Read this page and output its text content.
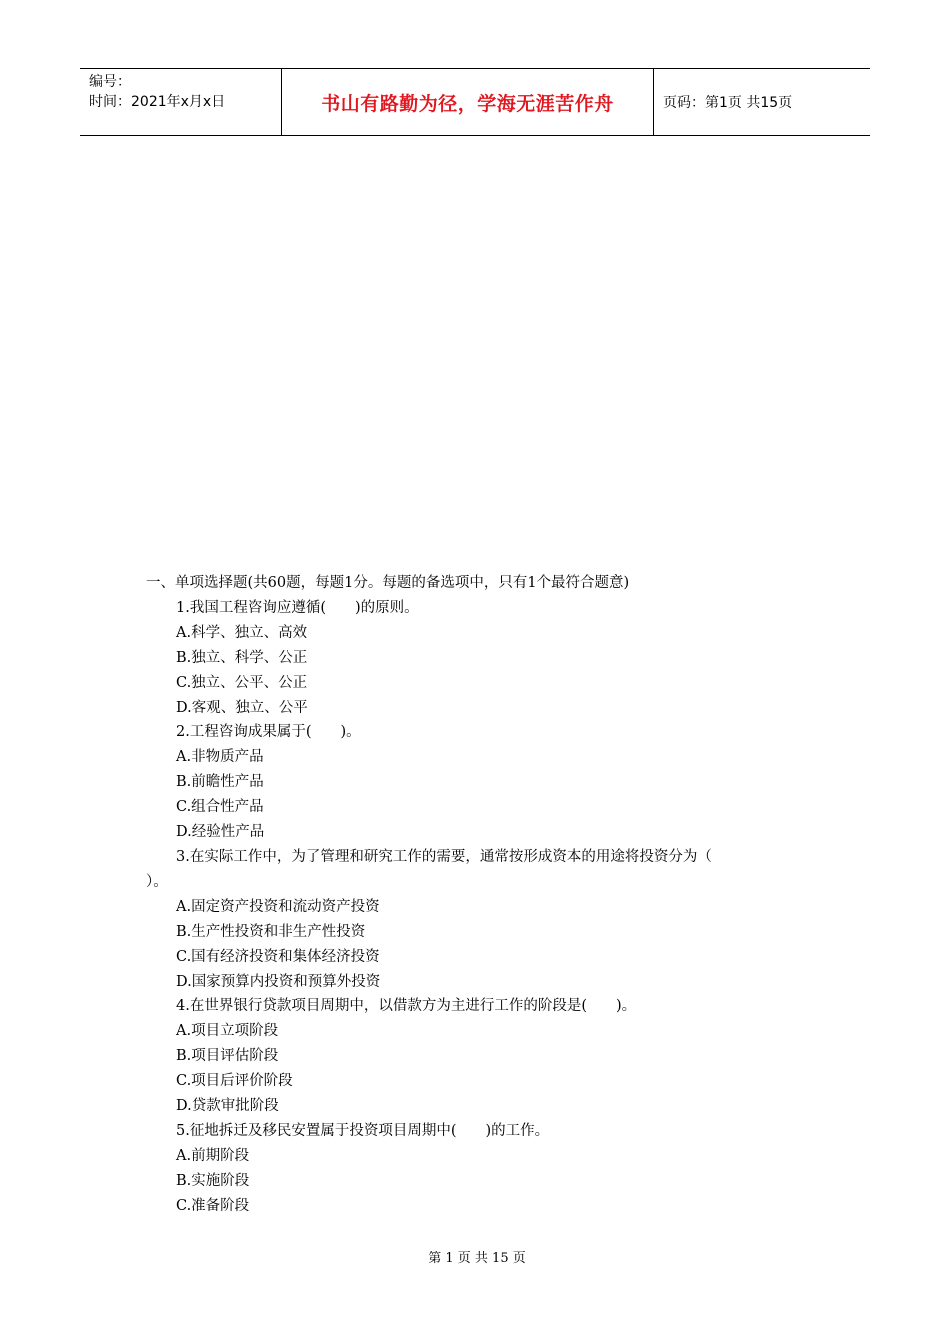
编号：
时间：2021年x月x日	书山有路勤为径，学海无涯苦作舟	页码：第1页 共15页
一、单项选择题(共60题，每题1分。每题的备选项中，只有1个最符合题意)
1.我国工程咨询应遵循(　　)的原则。
A.科学、独立、高效
B.独立、科学、公正
C.独立、公平、公正
D.客观、独立、公平
2.工程咨询成果属于(　　)。
A.非物质产品
B.前瞻性产品
C.组合性产品
D.经验性产品
3.在实际工作中，为了管理和研究工作的需要，通常按形成资本的用途将投资分为（
）。
A.固定资产投资和流动资产投资
B.生产性投资和非生产性投资
C.国有经济投资和集体经济投资
D.国家预算内投资和预算外投资
4.在世界银行贷款项目周期中，以借款方为主进行工作的阶段是(　　)。
A.项目立项阶段
B.项目评估阶段
C.项目后评价阶段
D.贷款审批阶段
5.征地拆迁及移民安置属于投资项目周期中(　　)的工作。
A.前期阶段
B.实施阶段
C.准备阶段
第 1 页 共 15 页
